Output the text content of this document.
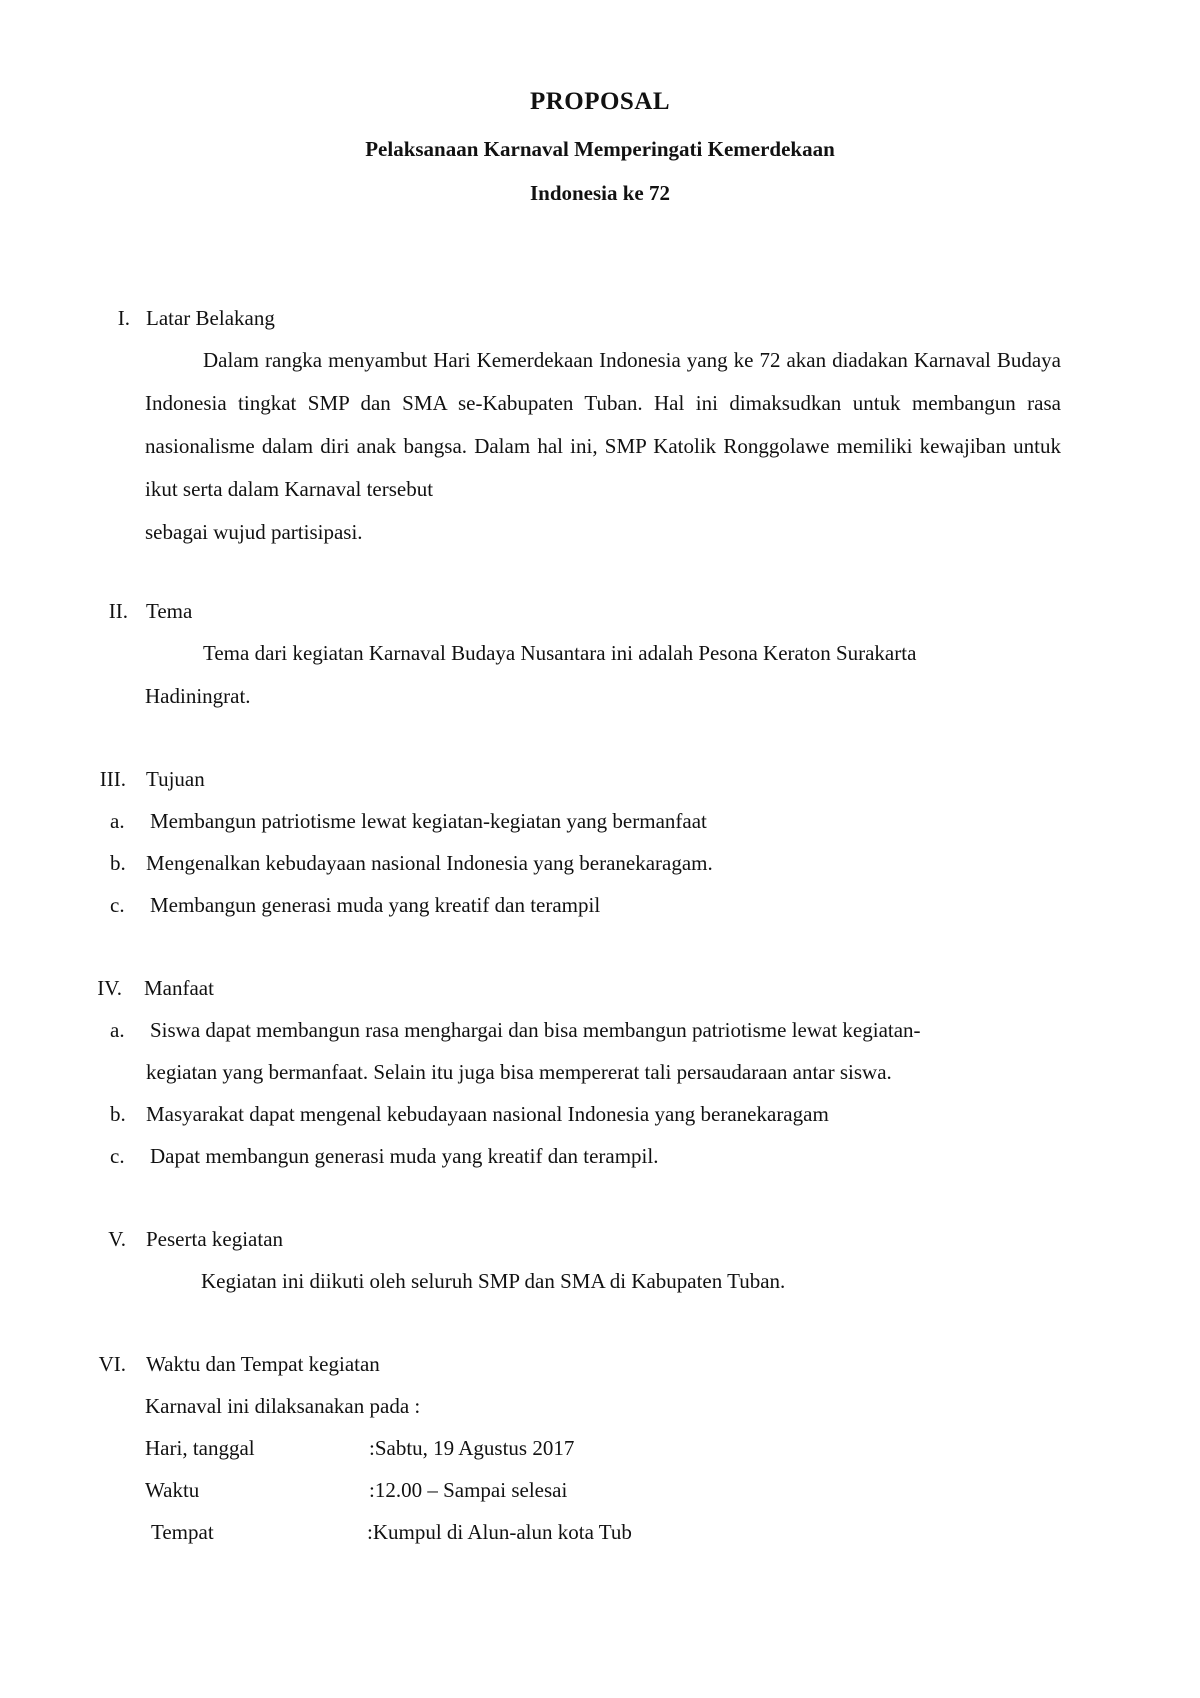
PROPOSAL
Pelaksanaan Karnaval Memperingati Kemerdekaan
Indonesia ke 72
I. Latar Belakang

Dalam rangka menyambut Hari Kemerdekaan Indonesia yang ke 72 akan diadakan Karnaval Budaya Indonesia tingkat SMP dan SMA se-Kabupaten Tuban. Hal ini dimaksudkan untuk membangun rasa nasionalisme dalam diri anak bangsa. Dalam hal ini, SMP Katolik Ronggolawe memiliki kewajiban untuk ikut serta dalam Karnaval tersebut

sebagai wujud partisipasi.

II. Tema

Tema dari kegiatan Karnaval Budaya Nusantara ini adalah Pesona Keraton Surakarta

Hadiningrat.

III. Tujuan
a.	Membangun patriotisme lewat kegiatan-kegiatan yang bermanfaat
b. Mengenalkan kebudayaan nasional Indonesia yang beranekaragam.
c.	Membangun generasi muda yang kreatif dan terampil
IV. Manfaat
a.	Siswa dapat membangun rasa menghargai dan bisa membangun patriotisme lewat kegiatan-
kegiatan yang bermanfaat. Selain itu juga bisa mempererat tali persaudaraan antar siswa.
b. Masyarakat dapat mengenal kebudayaan nasional Indonesia yang beranekaragam
c.	Dapat membangun generasi muda yang kreatif dan terampil.
V. Peserta kegiatan
Kegiatan ini diikuti oleh seluruh SMP dan SMA di Kabupaten Tuban.
VI. Waktu dan Tempat kegiatan
Karnaval ini dilaksanakan pada :
Hari, tanggal	:Sabtu, 19 Agustus 2017
Waktu	:12.00 – Sampai selesai
Tempat	:Kumpul di Alun-alun kota Tub
